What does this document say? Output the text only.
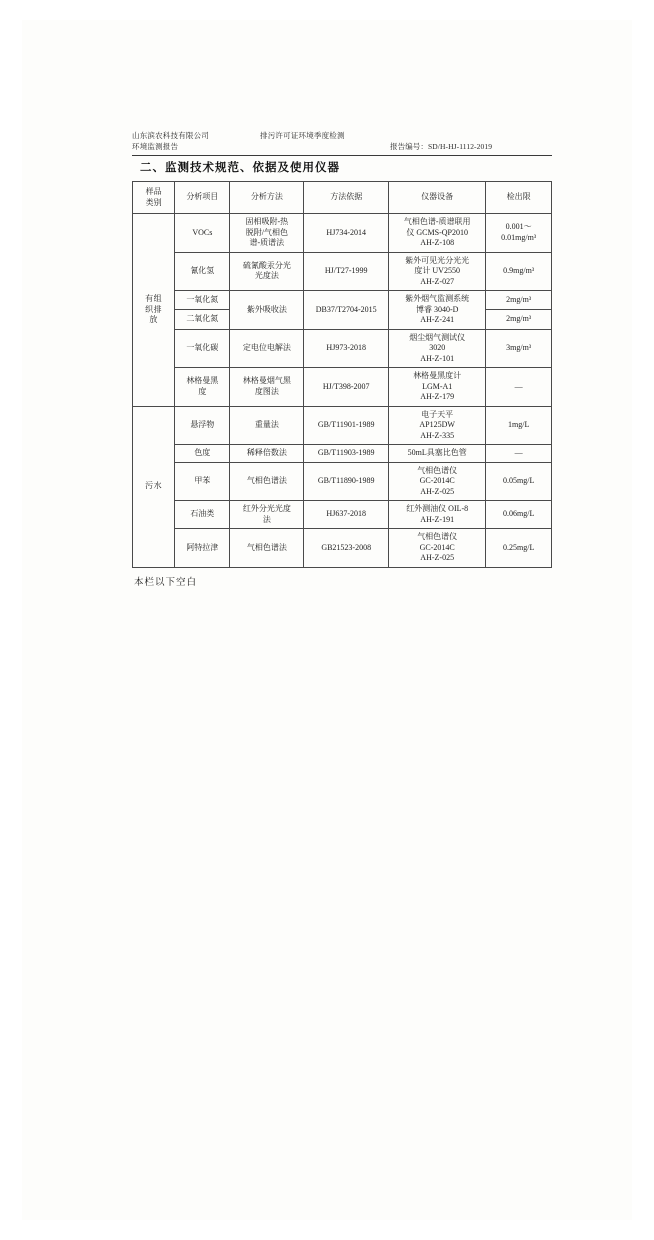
山东滨农科技有限公司	排污许可证环境季度检测
环境监测报告	报告编号：SD/H-HJ-1112-2019
二、监测技术规范、依据及使用仪器
样品
类别	分析项目	分析方法	方法依据	仪器设备	检出限
有组
织排
放	VOCs	固相吸附-热
脱附/气相色
谱-质谱法	HJ734-2014	气相色谱-质谱联用
仪 GCMS-QP2010
AH-Z-108	0.001～
0.01mg/m³
	氰化氢	硫氰酸汞分光
光度法	HJ/T27-1999	紫外可见光分光光
度计 UV2550
AH-Z-027	0.9mg/m³
	一氧化氮	紫外吸收法	DB37/T2704-2015	紫外烟气监测系统
博睿 3040-D
AH-Z-241	2mg/m³
	二氧化氮				2mg/m³
	一氧化碳	定电位电解法	HJ973-2018	烟尘烟气测试仪
3020
AH-Z-101	3mg/m³
	林格曼黑
度	林格曼烟气黑
度图法	HJ/T398-2007	林格曼黑度计
LGM-A1
AH-Z-179	—
污水	悬浮物	重量法	GB/T11901-1989	电子天平
AP125DW
AH-Z-335	1mg/L
	色度	稀释倍数法	GB/T11903-1989	50mL具塞比色管	—
	甲苯	气相色谱法	GB/T11890-1989	气相色谱仪
GC-2014C
AH-Z-025	0.05mg/L
	石油类	红外分光光度
法	HJ637-2018	红外测油仪 OIL-8
AH-Z-191	0.06mg/L
	阿特拉津	气相色谱法	GB21523-2008	气相色谱仪
GC-2014C
AH-Z-025	0.25mg/L
本栏以下空白
